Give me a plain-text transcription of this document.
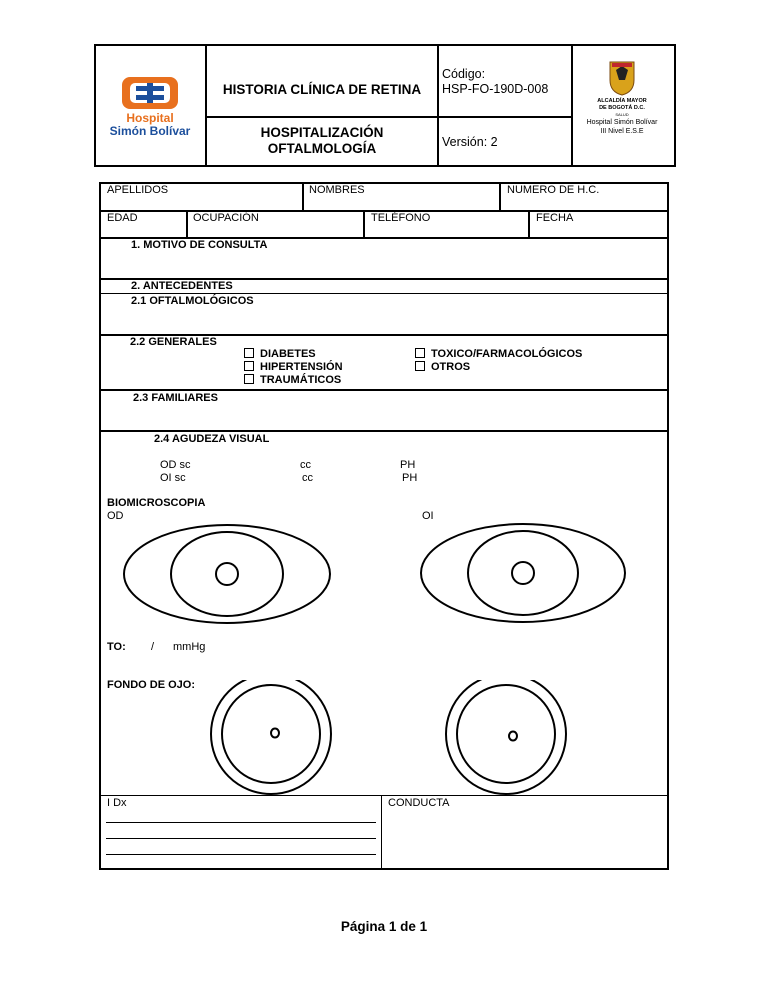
Hospital
Simón Bolívar
HISTORIA CLÍNICA DE RETINA
HOSPITALIZACIÓN
OFTALMOLOGÍA
Código:
HSP-FO-190D-008
Versión: 2
ALCALDÍA MAYOR
DE BOGOTÁ D.C.
SALUD
Hospital Simón Bolívar
III Nivel E.S.E
APELLIDOS	NOMBRES	NUMERO DE H.C.
EDAD	OCUPACIÓN	TELÉFONO	FECHA
1. MOTIVO DE CONSULTA
2. ANTECEDENTES
2.1 OFTALMOLÓGICOS
2.2 GENERALES
DIABETES
HIPERTENSIÓN
TRAUMÁTICOS
TOXICO/FARMACOLÓGICOS
OTROS
2.3 FAMILIARES
2.4 AGUDEZA VISUAL
OD sc	cc	PH
OI sc	cc	PH
BIOMICROSCOPIA
OD	OI
TO: / mmHg
FONDO DE OJO:
I Dx	CONDUCTA
Página 1 de 1
